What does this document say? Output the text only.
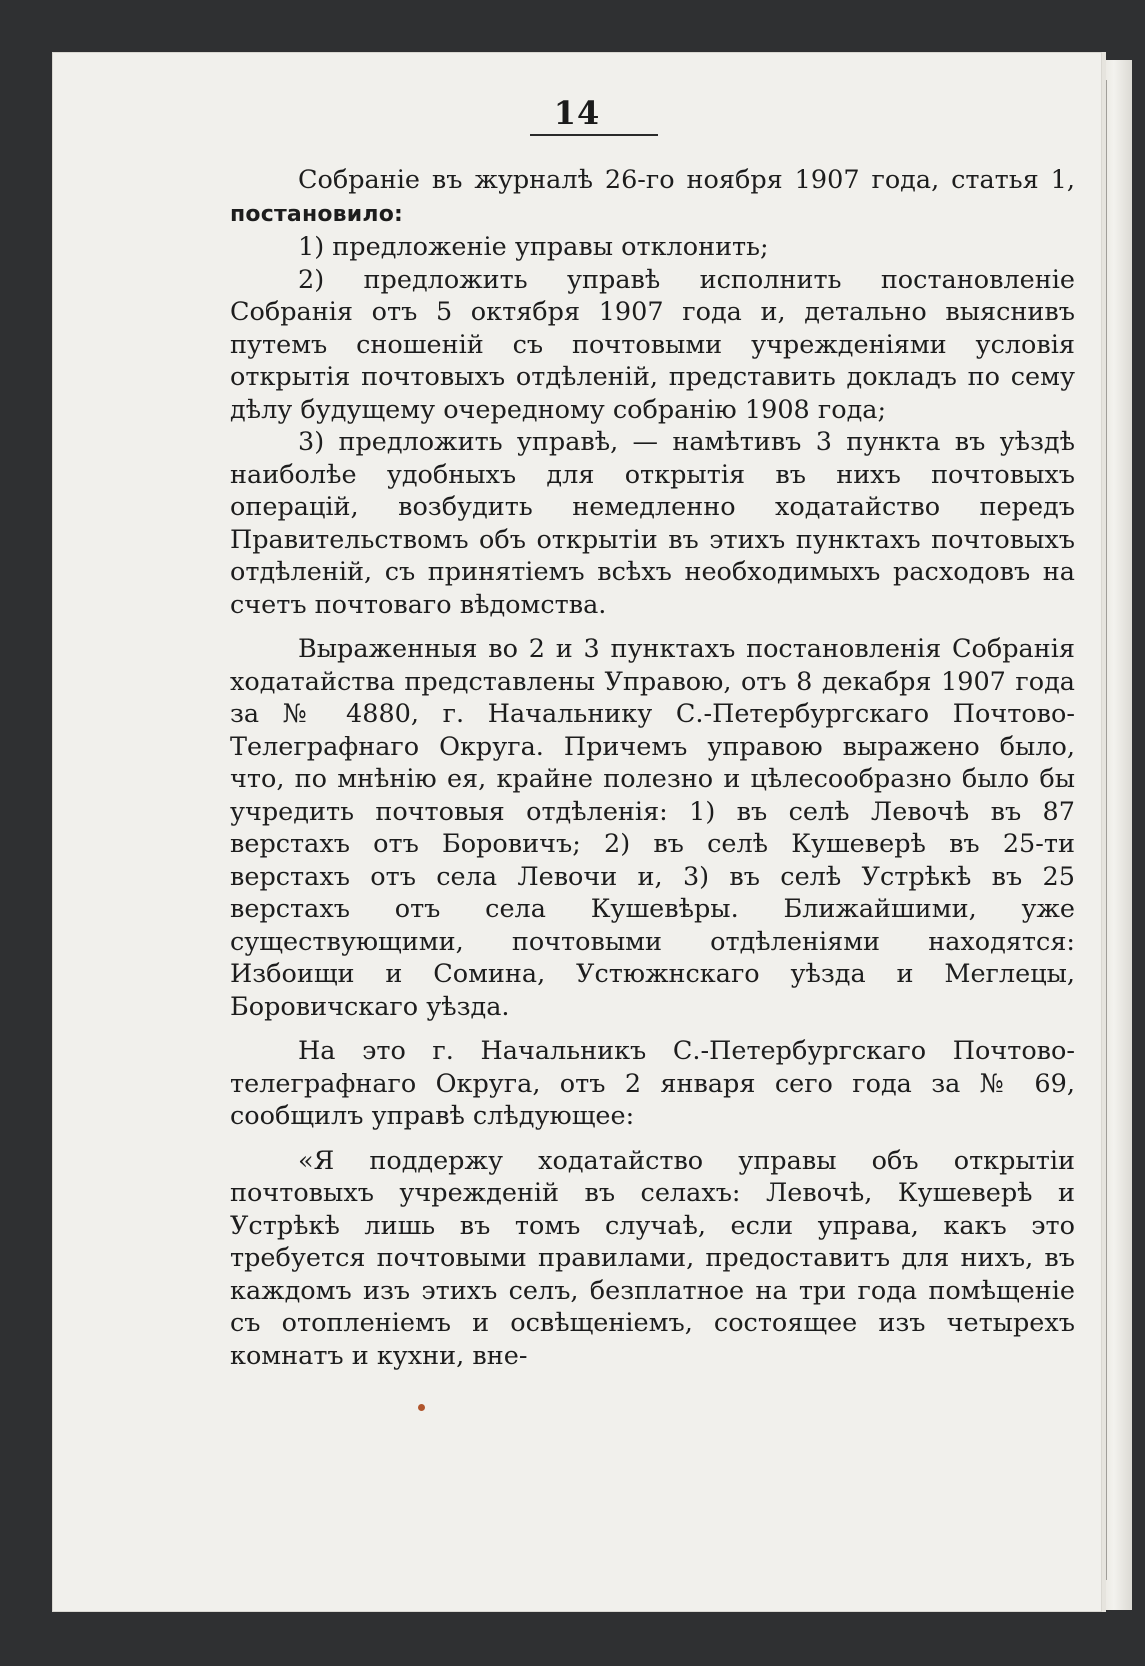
14

Собраніе въ журналѣ 26-го ноября 1907 года, статья 1, постановило:

1) предложеніе управы отклонить;

2) предложить управѣ исполнить постановленіе Собранія отъ 5 октября 1907 года и, детально выяснивъ путемъ сношеній съ почтовыми учрежденіями условія открытія почтовыхъ отдѣленій, представить докладъ по сему дѣлу будущему очередному собранію 1908 года;

3) предложить управѣ, — намѣтивъ 3 пункта въ уѣздѣ наиболѣе удобныхъ для открытія въ нихъ почтовыхъ операцій, возбудить немедленно ходатайство передъ Правительствомъ объ открытіи въ этихъ пунктахъ почтовыхъ отдѣленій, съ принятіемъ всѣхъ необходимыхъ расходовъ на счетъ почтоваго вѣдомства.

Выраженныя во 2 и 3 пунктахъ постановленія Собранія ходатайства представлены Управою, отъ 8 декабря 1907 года за № 4880, г. Начальнику С.-Петербургскаго Почтово-Телеграфнаго Округа. Причемъ управою выражено было, что, по мнѣнію ея, крайне полезно и цѣлесообразно было бы учредить почтовыя отдѣленія: 1) въ селѣ Левочѣ въ 87 верстахъ отъ Боровичъ; 2) въ селѣ Кушеверѣ въ 25-ти верстахъ отъ села Левочи и, 3) въ селѣ Устрѣкѣ въ 25 верстахъ отъ села Кушевѣры. Ближайшими, уже существующими, почтовыми отдѣленіями находятся: Избоищи и Сомина, Устюжнскаго уѣзда и Меглецы, Боровичскаго уѣзда.

На это г. Начальникъ С.-Петербургскаго Почтово-телеграфнаго Округа, отъ 2 января сего года за № 69, сообщилъ управѣ слѣдующее:

«Я поддержу ходатайство управы объ открытіи почтовыхъ учрежденій въ селахъ: Левочѣ, Кушеверѣ и Устрѣкѣ лишь въ томъ случаѣ, если управа, какъ это требуется почтовыми правилами, предоставитъ для нихъ, въ каждомъ изъ этихъ селъ, безплатное на три года помѣщеніе съ отопленіемъ и освѣщеніемъ, состоящее изъ четырехъ комнатъ и кухни, вне-
